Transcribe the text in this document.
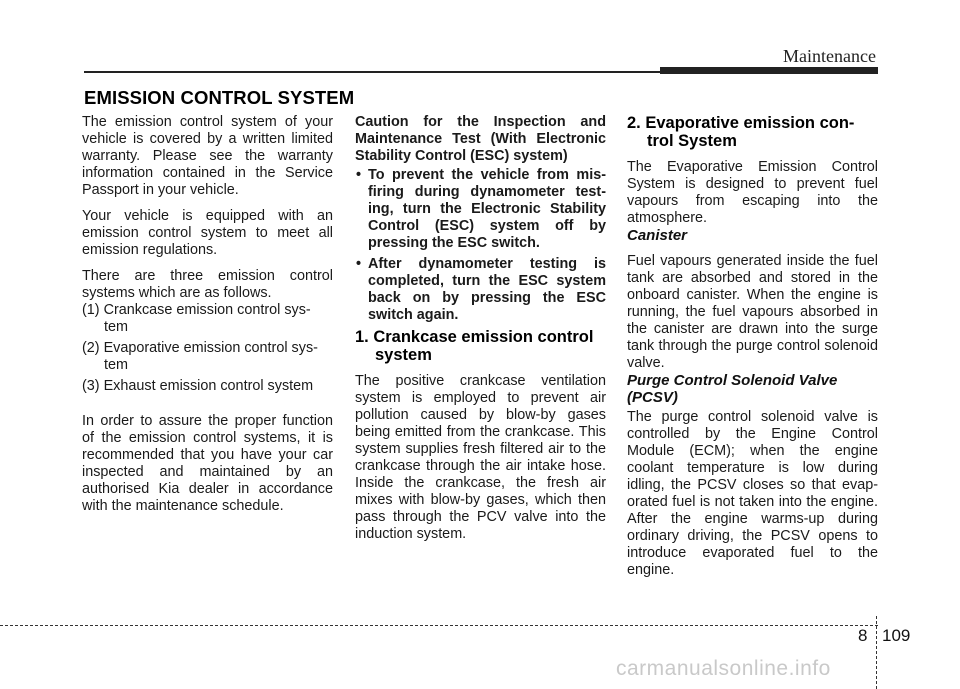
Maintenance
EMISSION CONTROL SYSTEM

The emission control system of your vehicle is covered by a written limited warranty. Please see the warranty information contained in the Service Passport in your vehicle.

Your vehicle is equipped with an emission control system to meet all emission regulations.

There are three emission control systems which are as follows.

(1) Crankcase emission control sys-tem
(2) Evaporative emission control sys-tem
(3) Exhaust emission control system

In order to assure the proper function of the emission control systems, it is recommended that you have your car inspected and maintained by an authorised Kia dealer in accordance with the maintenance schedule.

Caution for the Inspection and Maintenance Test (With Electronic Stability Control (ESC) system)

• To prevent the vehicle from mis-firing during dynamometer test-ing, turn the Electronic Stability Control (ESC) system off by pressing the ESC switch.
• After dynamometer testing is completed, turn the ESC system back on by pressing the ESC switch again.
1. Crankcase emission control system

The positive crankcase ventilation system is employed to prevent air pollution caused by blow-by gases being emitted from the crankcase. This system supplies fresh filtered air to the crankcase through the air intake hose. Inside the crankcase, the fresh air mixes with blow-by gases, which then pass through the PCV valve into the induction system.

2. Evaporative emission con-trol System

The Evaporative Emission Control System is designed to prevent fuel vapours from escaping into the atmosphere.

Canister

Fuel vapours generated inside the fuel tank are absorbed and stored in the onboard canister. When the engine is running, the fuel vapours absorbed in the canister are drawn into the surge tank through the purge control solenoid valve.

Purge Control Solenoid Valve (PCSV)

The purge control solenoid valve is controlled by the Engine Control Module (ECM); when the engine coolant temperature is low during idling, the PCSV closes so that evap-orated fuel is not taken into the engine. After the engine warms-up during ordinary driving, the PCSV opens to introduce evaporated fuel to the engine.

8 109
carmanualsonline.info
